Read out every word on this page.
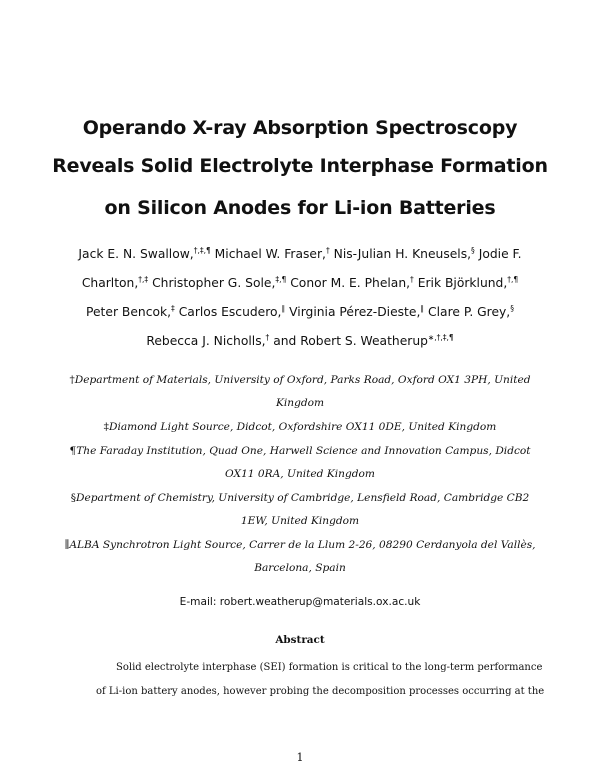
Operando X-ray Absorption Spectroscopy
Reveals Solid Electrolyte Interphase Formation
on Silicon Anodes for Li-ion Batteries
Jack E. N. Swallow,†,‡,¶ Michael W. Fraser,† Nis-Julian H. Kneusels,§ Jodie F.
Charlton,†,‡ Christopher G. Sole,‡,¶ Conor M. E. Phelan,† Erik Björklund,†,¶
Peter Bencok,‡ Carlos Escudero,∥ Virginia Pérez-Dieste,∥ Clare P. Grey,§
Rebecca J. Nicholls,† and Robert S. Weatherup∗,†,‡,¶
†Department of Materials, University of Oxford, Parks Road, Oxford OX1 3PH, United
Kingdom
‡Diamond Light Source, Didcot, Oxfordshire OX11 0DE, United Kingdom
¶The Faraday Institution, Quad One, Harwell Science and Innovation Campus, Didcot
OX11 0RA, United Kingdom
§Department of Chemistry, University of Cambridge, Lensfield Road, Cambridge CB2
1EW, United Kingdom
∥ALBA Synchrotron Light Source, Carrer de la Llum 2-26, 08290 Cerdanyola del Vallès,
Barcelona, Spain
E-mail: robert.weatherup@materials.ox.ac.uk
Abstract
Solid electrolyte interphase (SEI) formation is critical to the long-term performance
of Li-ion battery anodes, however probing the decomposition processes occurring at the
1
